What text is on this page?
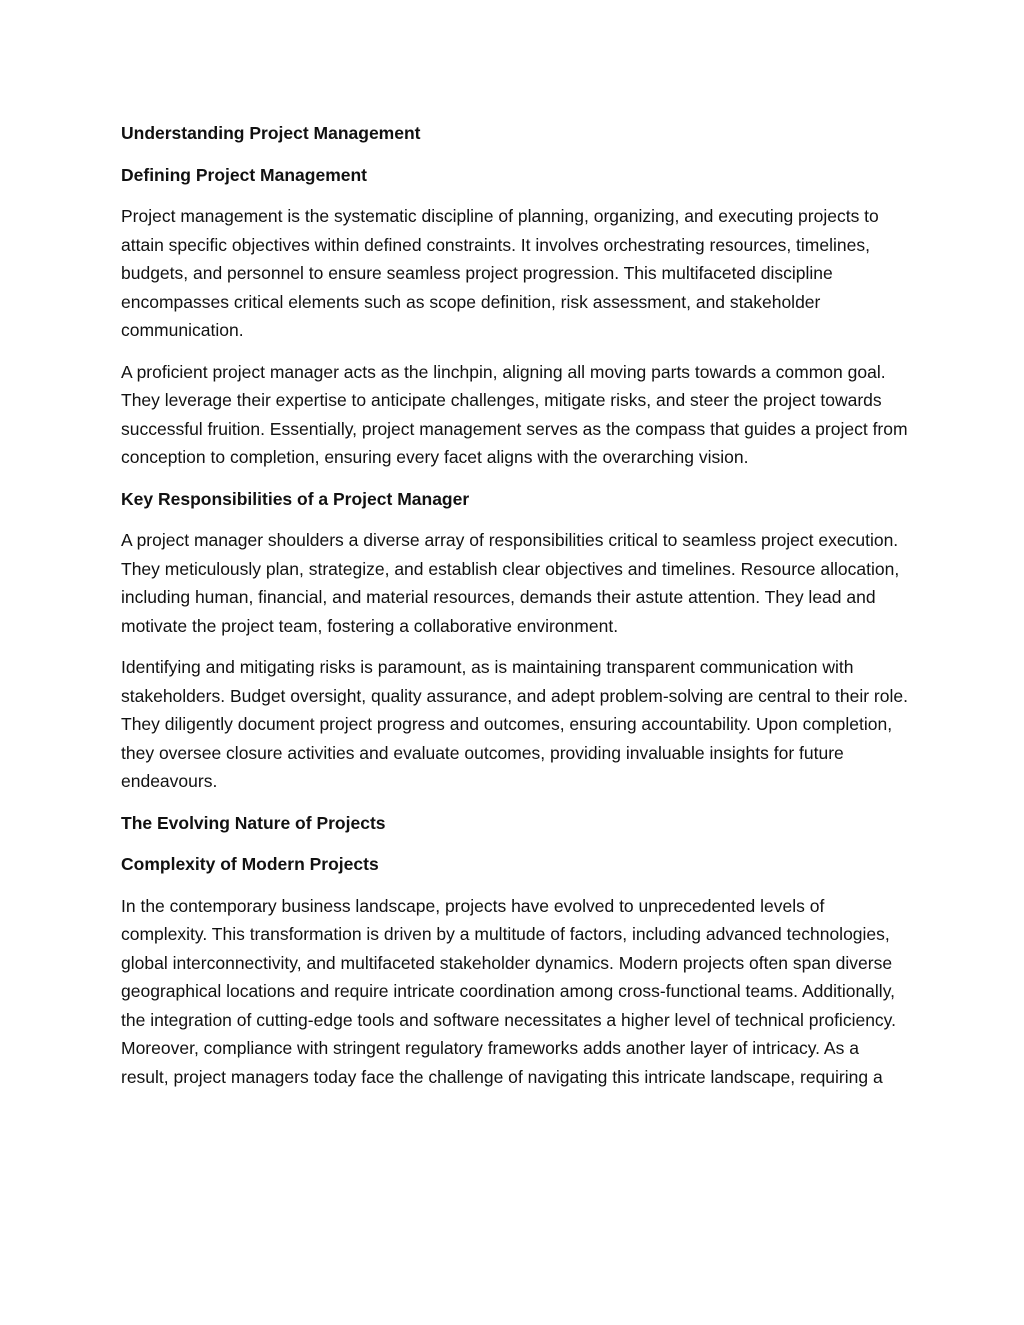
Understanding Project Management
Defining Project Management
Project management is the systematic discipline of planning, organizing, and executing projects to attain specific objectives within defined constraints. It involves orchestrating resources, timelines, budgets, and personnel to ensure seamless project progression. This multifaceted discipline encompasses critical elements such as scope definition, risk assessment, and stakeholder communication.
A proficient project manager acts as the linchpin, aligning all moving parts towards a common goal. They leverage their expertise to anticipate challenges, mitigate risks, and steer the project towards successful fruition. Essentially, project management serves as the compass that guides a project from conception to completion, ensuring every facet aligns with the overarching vision.
Key Responsibilities of a Project Manager
A project manager shoulders a diverse array of responsibilities critical to seamless project execution. They meticulously plan, strategize, and establish clear objectives and timelines. Resource allocation, including human, financial, and material resources, demands their astute attention. They lead and motivate the project team, fostering a collaborative environment.
Identifying and mitigating risks is paramount, as is maintaining transparent communication with stakeholders. Budget oversight, quality assurance, and adept problem-solving are central to their role. They diligently document project progress and outcomes, ensuring accountability. Upon completion, they oversee closure activities and evaluate outcomes, providing invaluable insights for future endeavours.
The Evolving Nature of Projects
Complexity of Modern Projects
In the contemporary business landscape, projects have evolved to unprecedented levels of complexity. This transformation is driven by a multitude of factors, including advanced technologies, global interconnectivity, and multifaceted stakeholder dynamics. Modern projects often span diverse geographical locations and require intricate coordination among cross-functional teams. Additionally, the integration of cutting-edge tools and software necessitates a higher level of technical proficiency. Moreover, compliance with stringent regulatory frameworks adds another layer of intricacy. As a result, project managers today face the challenge of navigating this intricate landscape, requiring a
